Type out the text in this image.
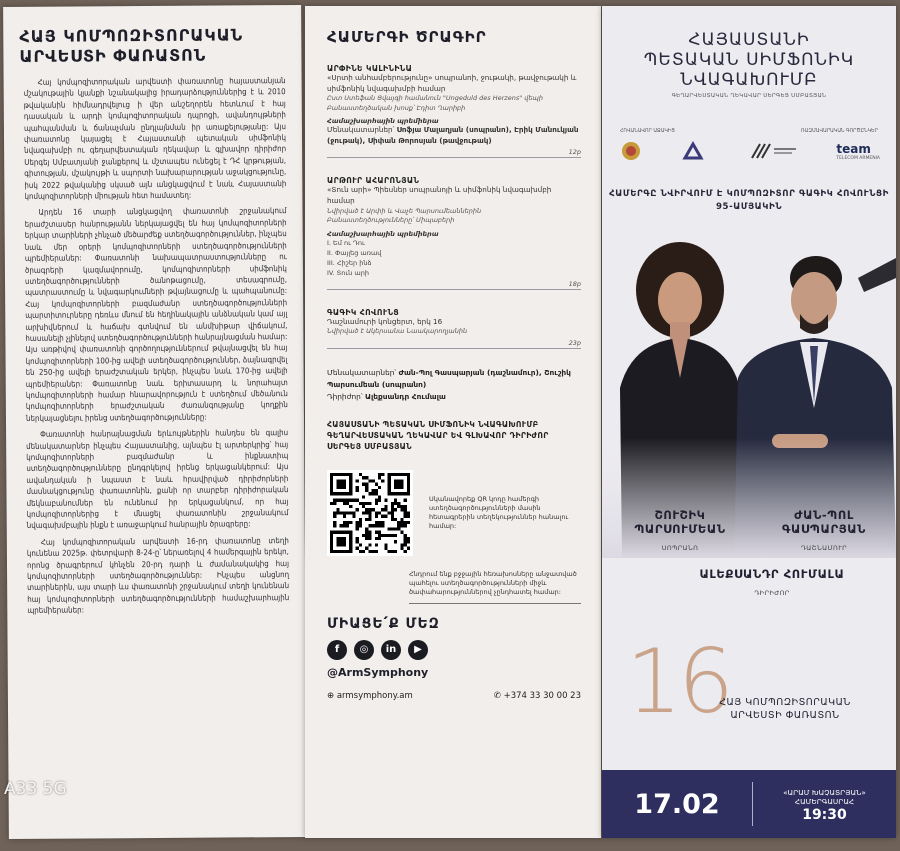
ՀԱՅ ԿՈՄՊՈԶԻՏՈՐԱԿԱՆ ԱՐՎԵՍՏԻ ՓԱՌԱՏՈՆ

Հայ կոմպոզիտորական արվեստի փառատոնը հայաստանյան մշակութային կյանքի նշանակալից իրադարձություններից է և 2010 թվականին հիմնադրվելուց ի վեր անշեղորեն հետևում է հայ դասական և արդի կոմպոզիտորական դպրոցի, ավանդույթների պահպանման և ճանաչման ընդլայնման իր առաքելությանը: Այս փառատոնը կայացել է Հայաստանի պետական սիմֆոնիկ նվագախմբի ու գեղարվեստական ղեկավար և գլխավոր դիրիժոր Սերգեյ Սմբատյանի ջանքերով և մշտապես ունեցել է ԴՀ կրթության, գիտության, մշակույթի և սպորտի նախարարության աջակցությունը, իսկ 2022 թվականից սկսած այն անցկացվում է նաև Հայաստանի կոմպոզիտորների միության հետ համատեղ:

Արդեն 16 տարի անցկացվող փառատոնի շրջանակում երաժշտասեր հանրությանն ներկայացվել են հայ կոմպոզիտորների երկար տարիների չհնչած մեծարժեք ստեղծագործություններ, ինչպես նաև մեր օրերի կոմպոզիտորների ստեղծագործությունների պրեմիերաներ: Փառատոնի նախապատրաստությունները ու ծրագրերի կազմավորումը, կոմպոզիտորների սիմֆոնիկ ստեղծագործությունների ծանոթացումը, տեսագրումը, պատրաստումը և նվագարկումների թվայնացումը և պահպանումը: Հայ կոմպոզիտորների բազմաժանր ստեղծագործությունների պարտիտուրները դեռևս մնում են հեղինակային անձնական կամ այլ արխիվներում և հաճախ գտնվում են անմխիթար վիճակում, հասանելի չլինելով ստեղծագործությունների հանրայնացման համար: Այս առթիվով փառատոնի գործողություններում թվայնացվել են հայ կոմպոզիտորների 100-ից ավելի ստեղծագործություններ, ձայնագրվել են 250-ից ավելի երաժշտական երկեր, ինչպես նաև 170-ից ավելի պրեմիերաներ: Փառատոնը նաև երիտասարդ և նորահայտ կոմպոզիտորների համար հնարավորություն է ստեղծում մեծանուն կոմպոզիտորների երաժշտական ժառանգությանը կողքին ներկայացնելու իրենց ստեղծագործությունները:

Փառատոնի հանրայնացման երևույթներին հանդես են գալիս մենակատարներ ինչպես Հայաստանից, այնպես էլ արտերկրից՝ հայ կոմպոզիտորների բազմաժանր և ինքնատիպ ստեղծագործությունները ընդգրկելով իրենց երկացանկերում: Այս ավանդական ի նպաստ է նաև հրավիրված դիրիժորների մասնակցությունը փառատոնին, քանի որ տարբեր դիրիժորական մեկնաբանումներ են ունենում իր երկացանկում, որ հայ կոմպոզիտորներից է մնացել փառատոնին շրջանակում նվագախմբային ինքն է առաջարկում հանրային ծրագրերը:

Հայ կոմպոզիտորական արվեստի 16-րդ փառատոնը տեղի կունենա 2025թ. փետրվարի 8-24-ը՝ ներառելով 4 համերգային երեկո, որոնց ծրագրերում կհնչեն 20-րդ դարի և ժամանակակից հայ կոմպոզիտորների ստեղծագործություններ: Ինչպես անցնող տարիներին, այս տարի ևս փառատոնի շրջանակում տեղի կունենան հայ կոմպոզիտորների ստեղծագործությունների համաշխարհային պրեմիերաներ:

ՀԱՄԵՐԳԻ ԾՐԱԳԻՐ
ԱՐՓԻՆԵ ԿԱԼԻՆԻՆԱ
«Սրտի անհամբերությունը» սոպրանոի, ջութակի, թավջութակի և սիմֆոնիկ նվագախմբի համար
Ըստ Ստեֆան Ցվայգի համանուն "Ungeduld des Herzens" վեպի
Բանաստեղծական խոսք՝ Էդիտ Ղարիբի
Համաշխարհային պրեմիերա
Մենակատարներ՝ Սոֆյա Մալաղյան (սոպրանո), Էրիկ Մանուկյան (ջութակ), Սիփան Թորոսյան (թավջութակ)
12p
ԱՐԹՈՒՐ ԱՀԱՐՈՆՅԱՆ
«Տուն արի» Պիեսներ սոպրանոյի և սիմֆոնիկ նվագախմբի համար
Նվիրված է Արփի և Վաչե Պարսումեաններին
Բանաստեղծությունները՝ Միպաբերի
Համաշխարհային պրեմիերա
I. Եմ ու Դու
II. Փայլեց առավ
III. Հիշեր ինձ
IV. Տուն արի
18p
ԳԱԳԻԿ ՀՈՎՈՒՆՑ
Դաշնամուրի կոնցերտ, երկ 16
Նվիրված է Ակերսանա Նաակարողյանին
23p
Մենակատարներ՝ Ժան-Պոլ Գասպարյան (դաշնամուր), Շուշիկ Պարսումեան (սոպրանո)
Դիրիժոր՝ Ալեքսանդր Հումալա
ՀԱՅԱՍՏԱՆԻ ՊԵՏԱԿԱՆ ՍԻՄՖՈՆԻԿ ՆՎԱԳԱԽՈՒՄԲ ԳԵՂԱՐՎԵՍՏԱԿԱՆ ՂԵԿԱՎԱՐ ԵՎ ԳԼԽԱՎՈՐ ԴԻՐԻԺՈՐ ՍԵՐԳԵՅ ՍՄԲԱՏՅԱՆ
Սկանավորեք QR կոդը համերգի ստեղծագործությունների մասին հետագրերին տեղեկություններ հանալու համար:
Հնդրում ենք բջջային հեռախոսները անջատված պահելու ստեղծագործությունների միջև ծափահարություններով չընդհատել համար:
ՄԻԱՑԵ՛Ք ՄԵԶ
f	◎	in	▶
@ArmSymphony
⊕ armsymphony.am	✆ +374 33 30 00 23
ՀԱՅԱՍՏԱՆԻ
ՊԵՏԱԿԱՆ ՍԻՄՖՈՆԻԿ
ՆՎԱԳԱԽՈՒՄԲ
ԳԵՂԱՐՎԵՍՏԱԿԱՆ ՂԵԿԱՎԱՐ ՍԵՐԳԵՅ ՍՄԲԱՏՅԱՆ
ՀՈՎԱՆԱՎՈՐ ԱՋԱԿԻՑ	ՌԱԶՄԱՎԱՐԱԿԱՆ ԳՈՐԾԸՆԿԵՐ
team
TELECOM ARMENIA
ՀԱՄԵՐԳԸ ՆՎԻՐՎՈՒՄ Է ԿՈՄՊՈԶԻՏՈՐ ԳԱԳԻԿ ՀՈՎՈՒՆՑԻ 95-ԱՄՅԱԿԻՆ
ՇՈՒՇԻԿ ՊԱՐՍՈՒՄԵԱՆ
ՍՈՊՐԱՆՈ
ԺԱՆ-ՊՈԼ ԳԱՍՊԱՐՅԱՆ
ԴԱՇՆԱՄՈՒՐ
ԱԼԵՔՍԱՆԴՐ ՀՈՒՄԱԼԱ
ԴԻՐԻԺՈՐ
16
ՀԱՅ ԿՈՄՊՈԶԻՏՈՐԱԿԱՆ ԱՐՎԵՍՏԻ ՓԱՌԱՏՈՆ
17.02	«ԱՐԱՄ ԽԱՉԱՏՐՅԱՆ» ՀԱՄԵՐԳԱՍՐԱՀ
19:30
A33 5G
